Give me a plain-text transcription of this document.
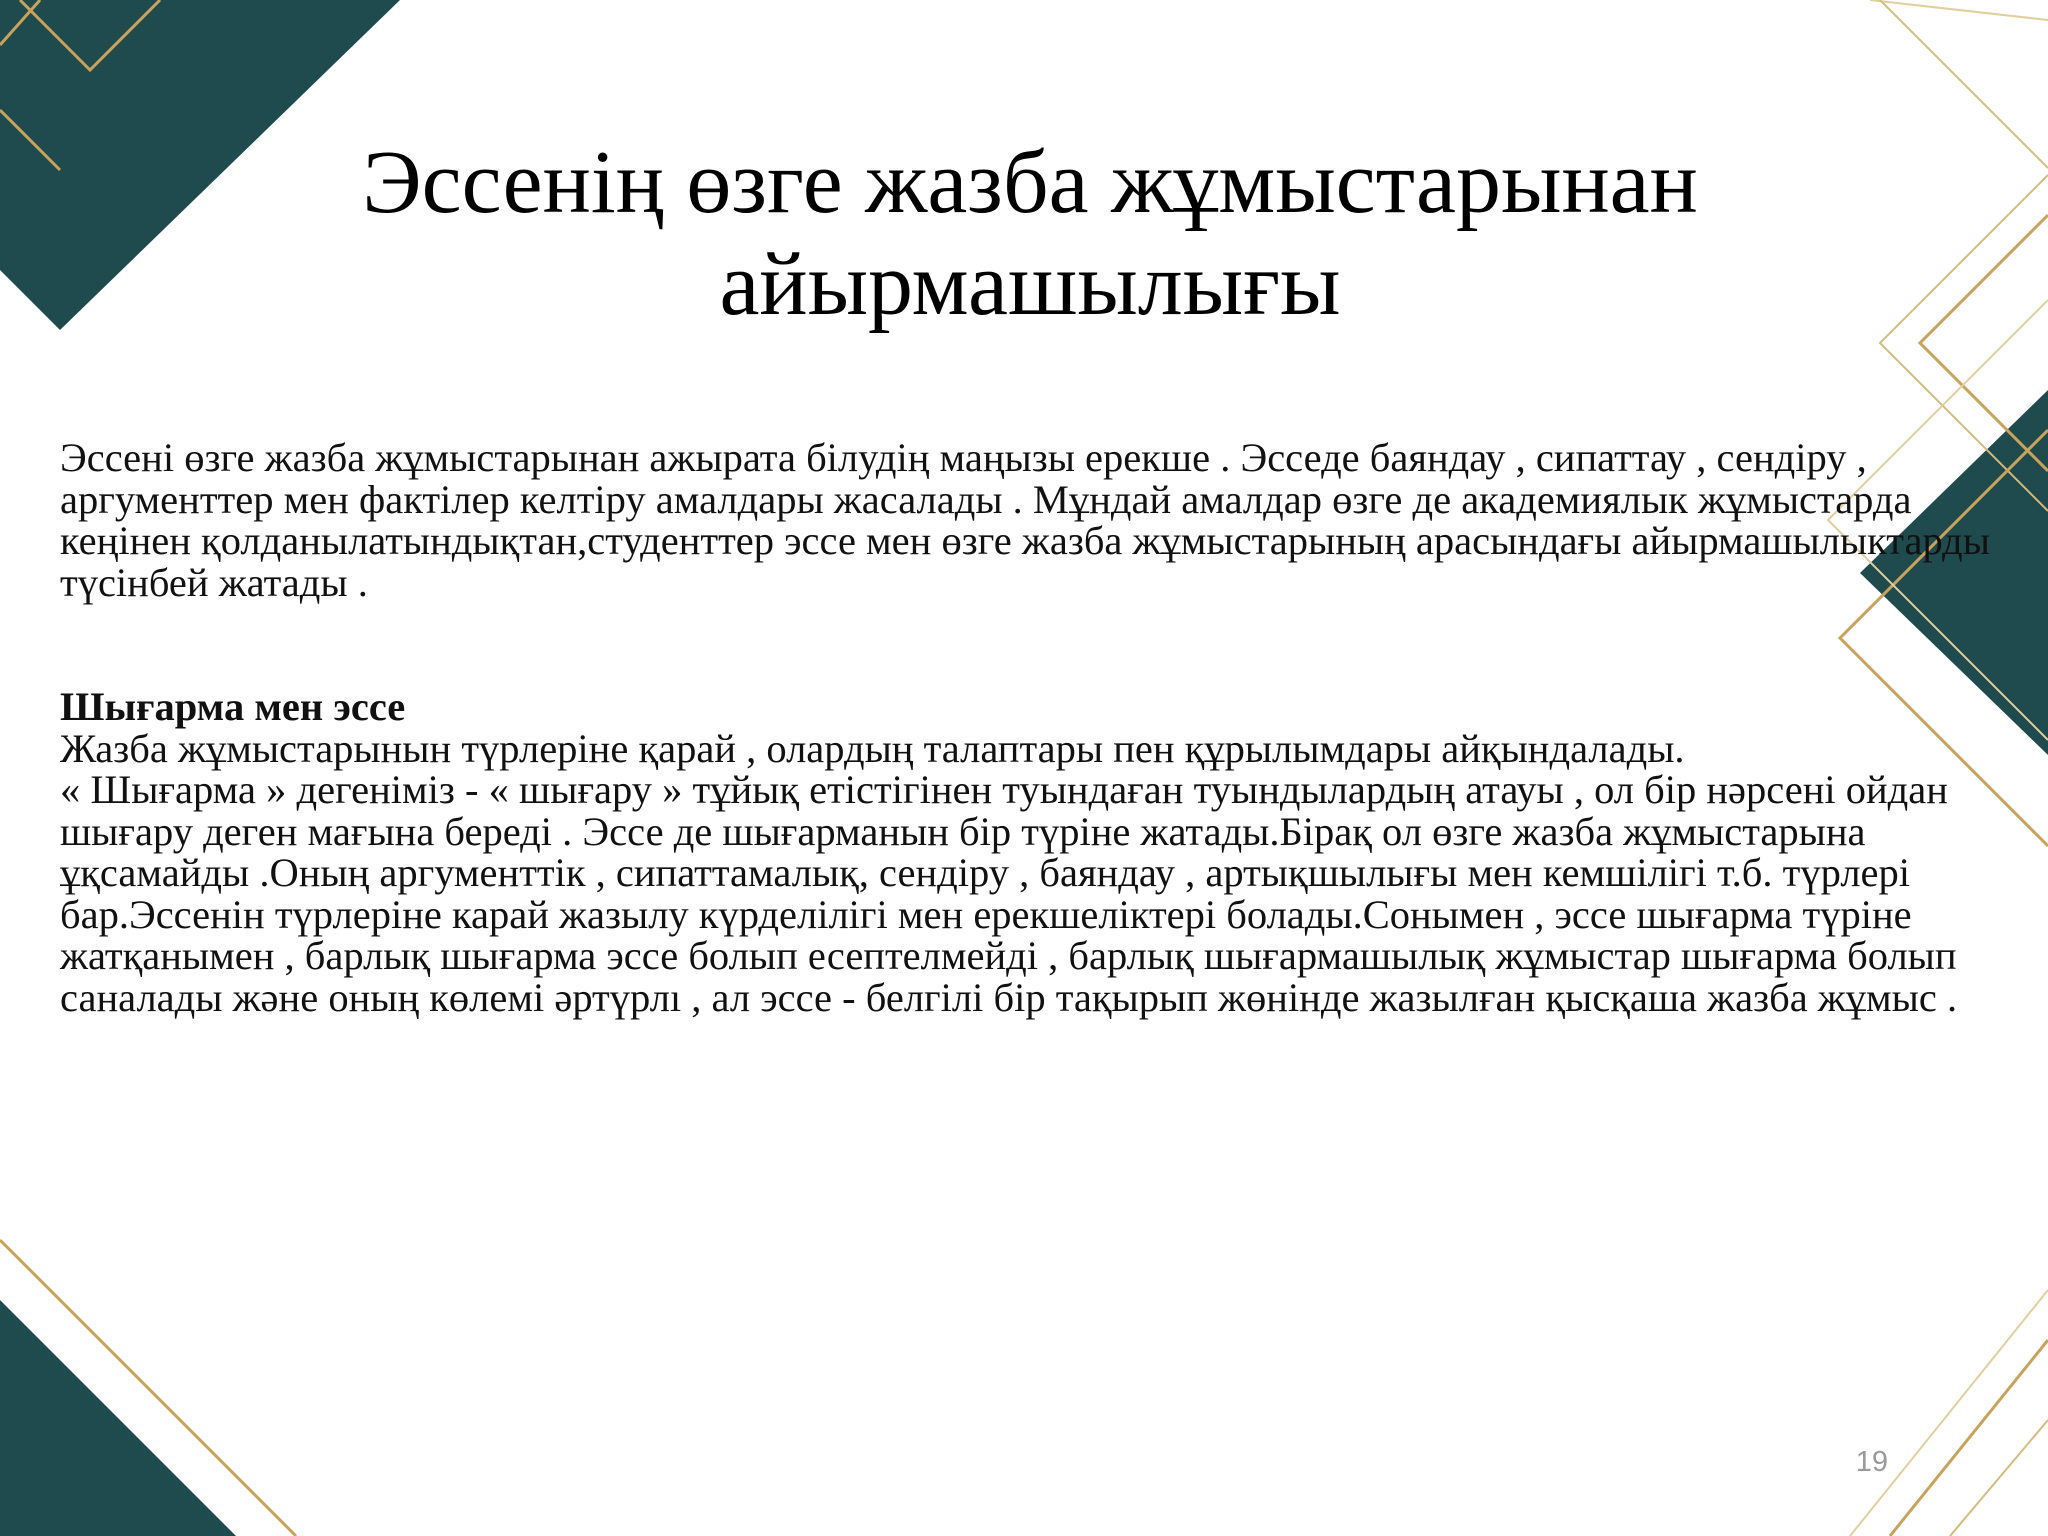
Эссенің өзге жазба жұмыстарынан айырмашылығы

Эссені өзге жазба жұмыстарынан ажырата білудің маңызы ерекше . Эсседе баяндау , сипаттау , сендіру , аргументтер мен фактілер келтіру амалдары жасалады . Мұндай амалдар өзге де академиялык жұмыстарда кеңінен қолданылатындықтан,студенттер эссе мен өзге жазба жұмыстарының арасындағы айырмашылыктарды түсінбей жатады .

Шығарма мен эссе

Жазба жұмыстарынын түрлеріне қарай , олардың талаптары пен құрылымдары айқындалады.

« Шығарма » дегеніміз - « шығару » тұйық етістігінен туындаған туындылардың атауы , ол бір нәрсені ойдан шығару деген мағына береді . Эссе де шығарманын бір түріне жатады.Бірақ ол өзге жазба жұмыстарына ұқсамайды .Оның аргументтік , сипаттамалық, сендіру , баяндау , артықшылығы мен кемшілігі т.б. түрлері бар.Эссенін түрлеріне карай жазылу күрделілігі мен ерекшеліктері болады.Сонымен , эссе шығарма түріне жатқанымен , барлық шығарма эссе болып есептелмейді , барлық шығармашылық жұмыстар шығарма болып саналады және оның көлемі әртүрлı , ал эссе - белгілі бір тақырып жөнінде жазылған қысқаша жазба жұмыс .

19
